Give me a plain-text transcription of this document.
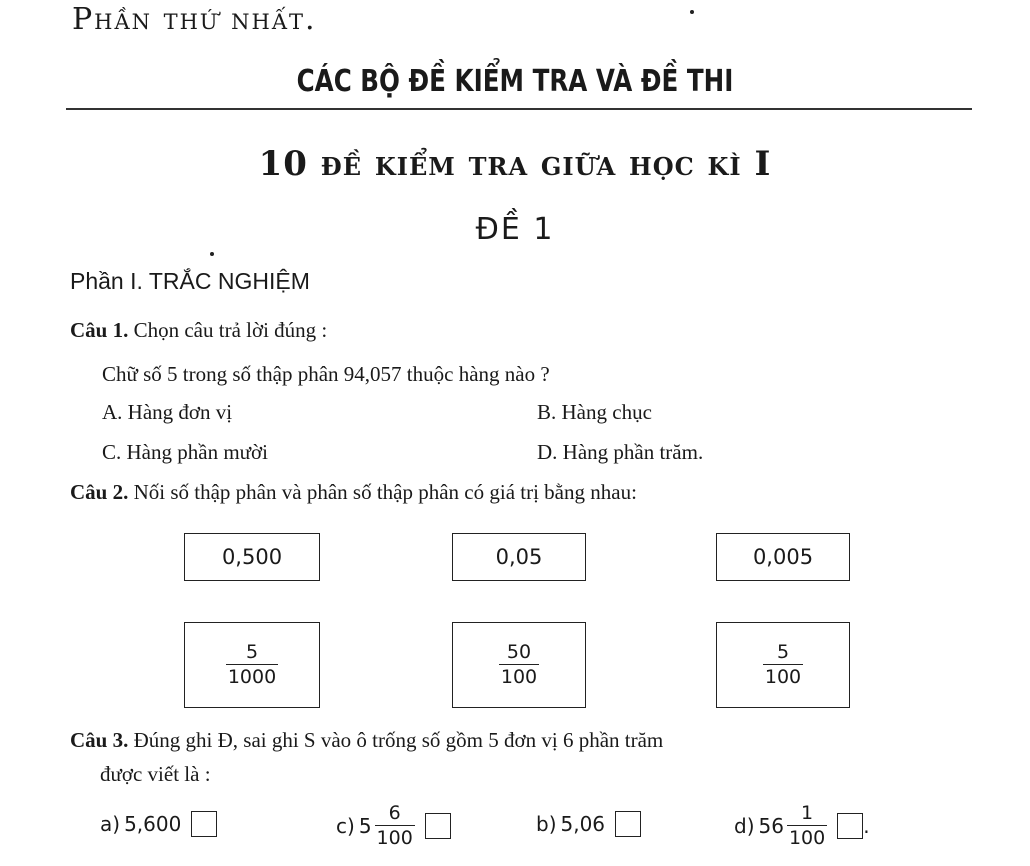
Phần thứ nhất.
CÁC BỘ ĐỀ KIỂM TRA VÀ ĐỀ THI
10 đề kiểm tra giữa học kì I
ĐỀ 1
Phần I. TRẮC NGHIỆM
Câu 1. Chọn câu trả lời đúng :
Chữ số 5 trong số thập phân 94,057 thuộc hàng nào ?
A. Hàng đơn vị	B. Hàng chục
C. Hàng phần mười	D. Hàng phần trăm.
Câu 2. Nối số thập phân và phân số thập phân có giá trị bằng nhau:
0,500	0,05	0,005
$\frac{5}{1000}$	$\frac{50}{100}$	$\frac{5}{100}$
Câu 3. Đúng ghi Đ, sai ghi S vào ô trống số gồm 5 đơn vị 6 phần trăm
được viết là :
a) 5,600	c) $5 \frac{6}{100}$	b) 5,06	d) $56 \frac{1}{100}$ .
